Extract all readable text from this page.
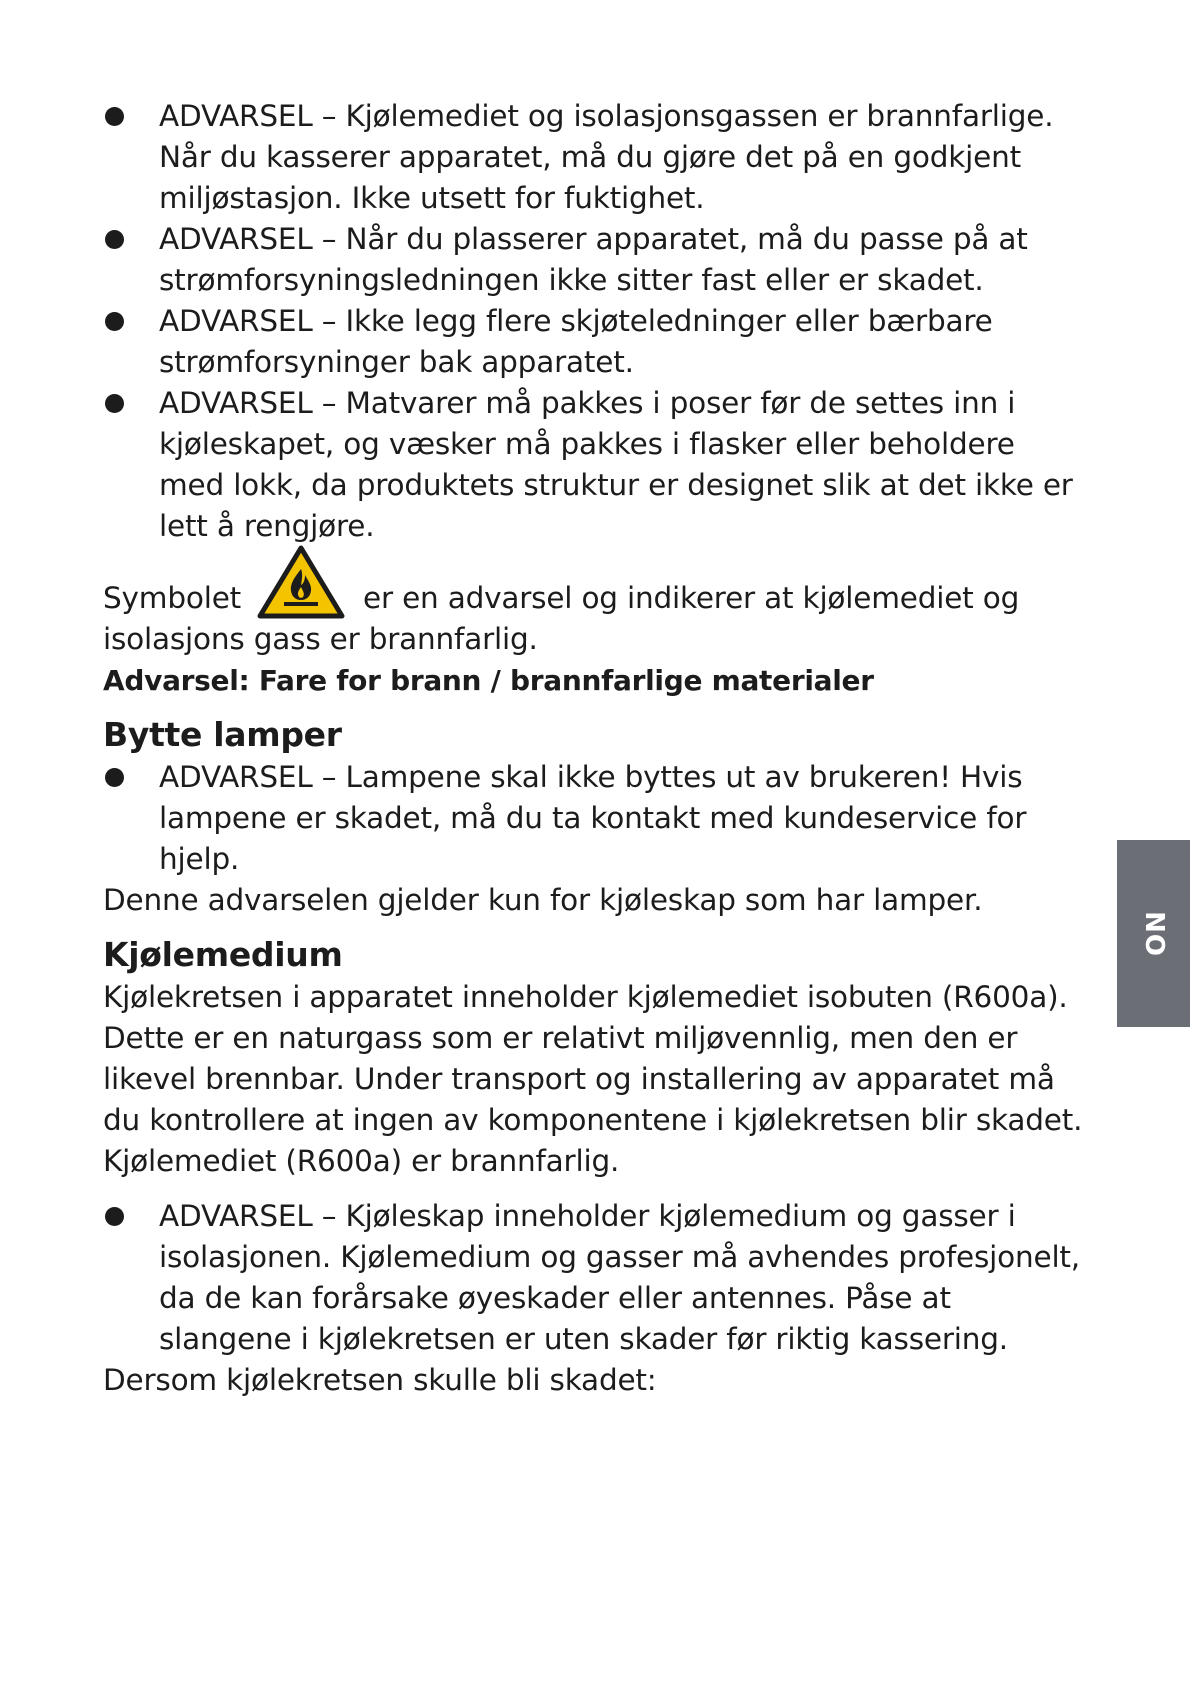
ADVARSEL – Kjølemediet og isolasjonsgassen er brannfarlige. Når du kasserer apparatet, må du gjøre det på en godkjent miljøstasjon. Ikke utsett for fuktighet.
ADVARSEL – Når du plasserer apparatet, må du passe på at strømforsyningsledningen ikke sitter fast eller er skadet.
ADVARSEL – Ikke legg flere skjøteledninger eller bærbare strømforsyninger bak apparatet.
ADVARSEL – Matvarer må pakkes i poser før de settes inn i kjøleskapet, og væsker må pakkes i flasker eller beholdere med lokk, da produktets struktur er designet slik at det ikke er lett å rengjøre.
Symbolet	er en advarsel og indikerer at kjølemediet og
isolasjons gass er brannfarlig.

Advarsel: Fare for brann / brannfarlige materialer

Bytte lamper
ADVARSEL – Lampene skal ikke byttes ut av brukeren! Hvis lampene er skadet, må du ta kontakt med kundeservice for hjelp.

Denne advarselen gjelder kun for kjøleskap som har lamper.

Kjølemedium

Kjølekretsen i apparatet inneholder kjølemediet isobuten (R600a). Dette er en naturgass som er relativt miljøvennlig, men den er likevel brennbar. Under transport og installering av apparatet må du kontrollere at ingen av komponentene i kjølekretsen blir skadet. Kjølemediet (R600a) er brannfarlig.

ADVARSEL – Kjøleskap inneholder kjølemedium og gasser i isolasjonen. Kjølemedium og gasser må avhendes profesjonelt, da de kan forårsake øyeskader eller antennes. Påse at slangene i kjølekretsen er uten skader før riktig kassering.

Dersom kjølekretsen skulle bli skadet:

NO
